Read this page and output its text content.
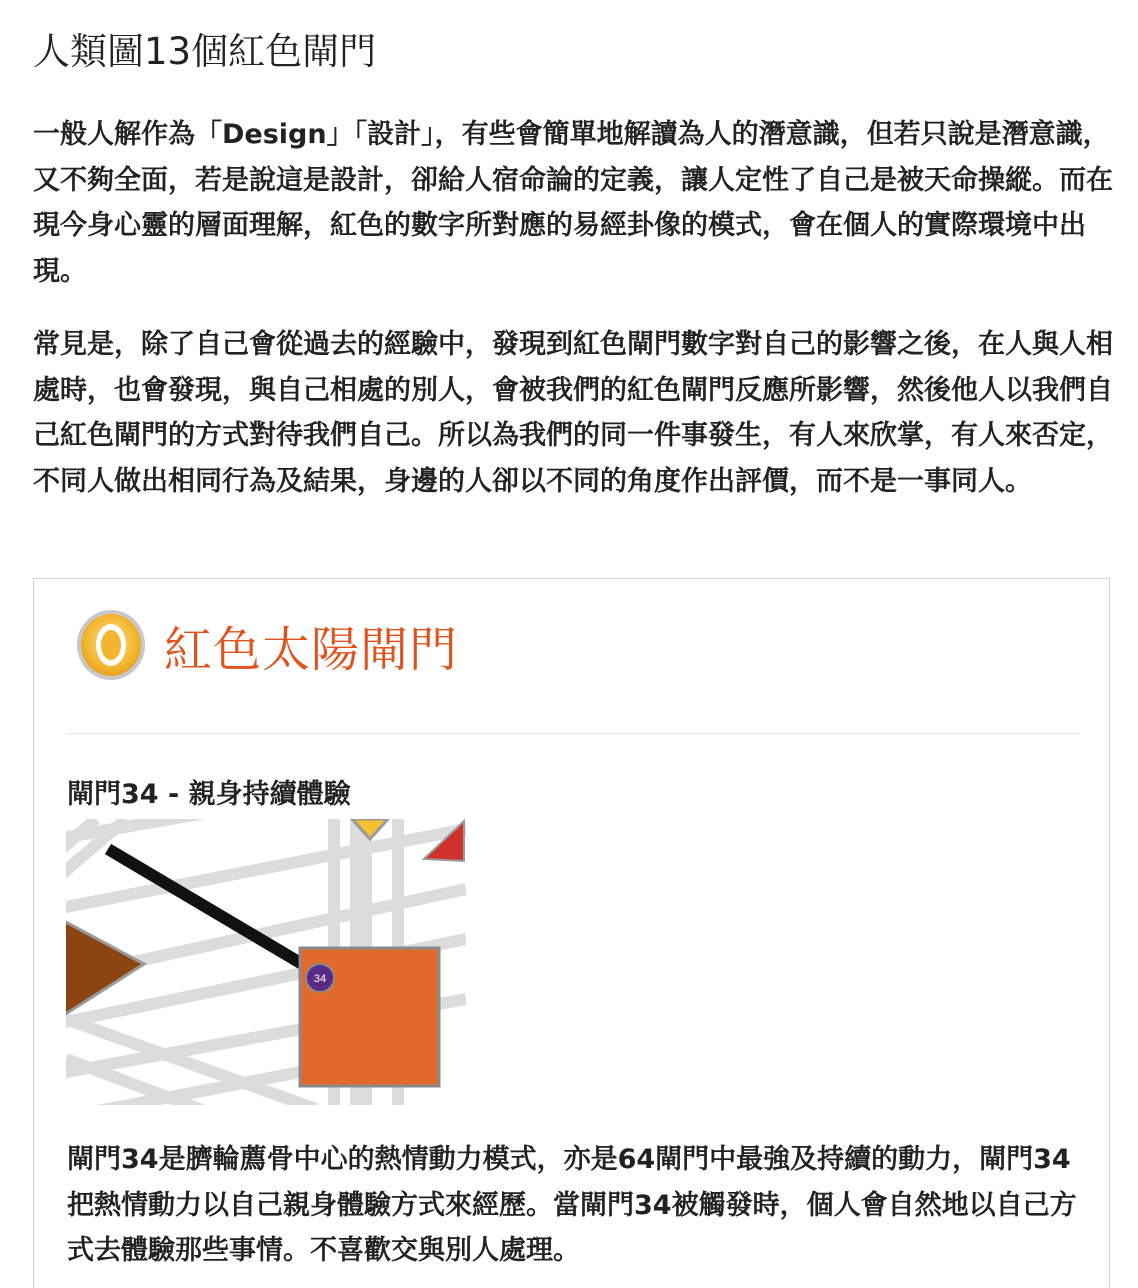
人類圖13個紅色閘門

一般人解作為「Design」「設計」，有些會簡單地解讀為人的潛意識，但若只說是潛意識，又不夠全面，若是說這是設計，卻給人宿命論的定義，讓人定性了自己是被天命操縱。而在現今身心靈的層面理解，紅色的數字所對應的易經卦像的模式，會在個人的實際環境中出現。

常見是，除了自己會從過去的經驗中，發現到紅色閘門數字對自己的影響之後，在人與人相處時，也會發現，與自己相處的別人，會被我們的紅色閘門反應所影響，然後他人以我們自己紅色閘門的方式對待我們自己。所以為我們的同一件事發生，有人來欣掌，有人來否定，不同人做出相同行為及結果，身邊的人卻以不同的角度作出評價，而不是一事同人。

紅色太陽閘門
閘門34 - 親身持續體驗
34

閘門34是臍輪薦骨中心的熱情動力模式，亦是64閘門中最強及持續的動力，閘門34把熱情動力以自己親身體驗方式來經歷。當閘門34被觸發時，個人會自然地以自己方式去體驗那些事情。不喜歡交與別人處理。
